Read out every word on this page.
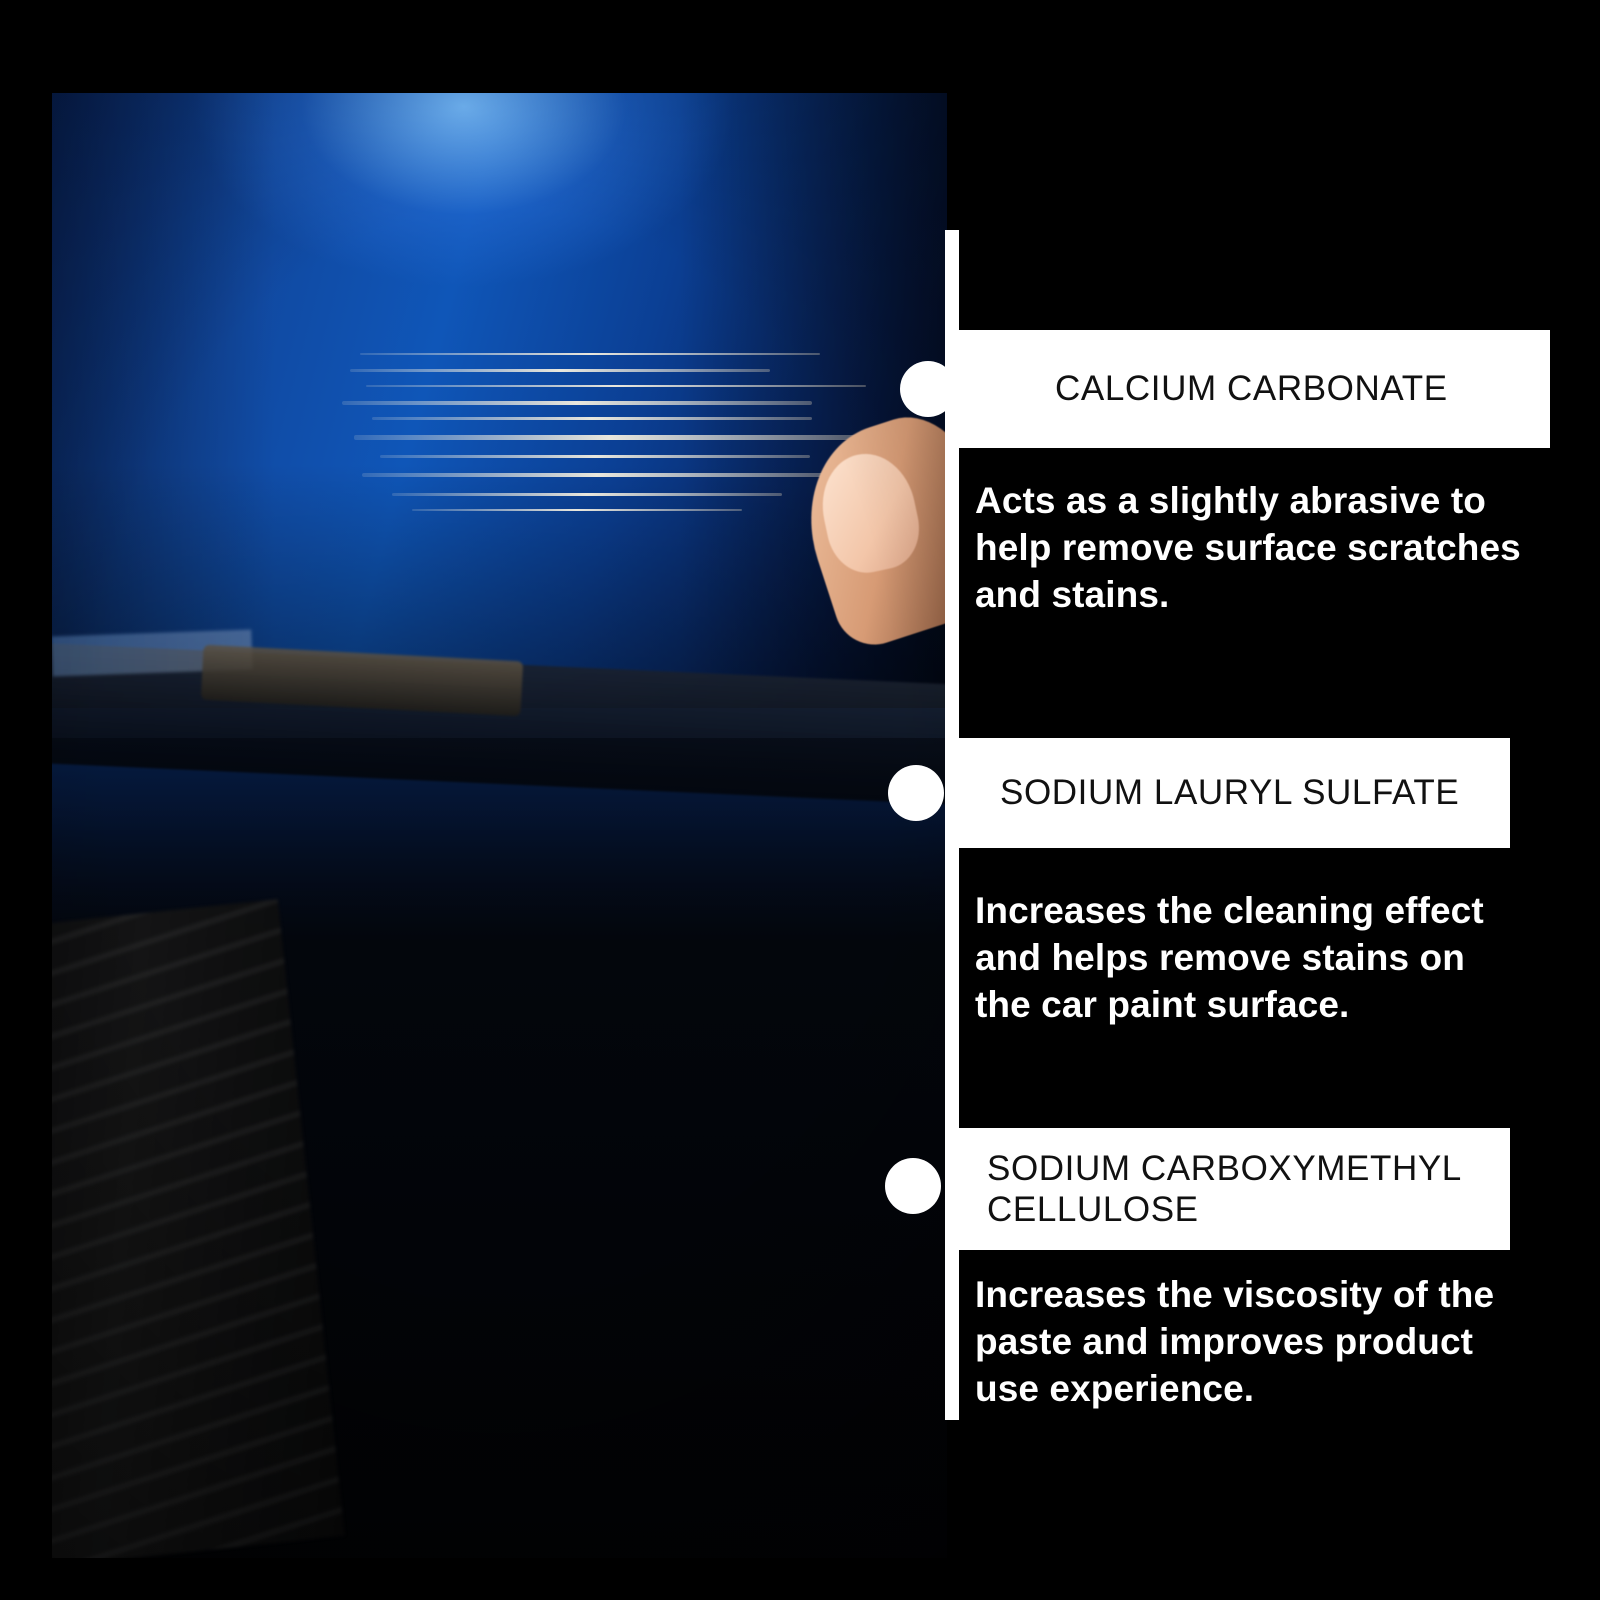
CALCIUM CARBONATE
Acts as a slightly abrasive to help remove surface scratches and stains.
SODIUM LAURYL SULFATE
Increases the cleaning effect and helps remove stains on the car paint surface.
SODIUM CARBOXYMETHYL CELLULOSE
Increases the viscosity of the paste and improves product use experience.
